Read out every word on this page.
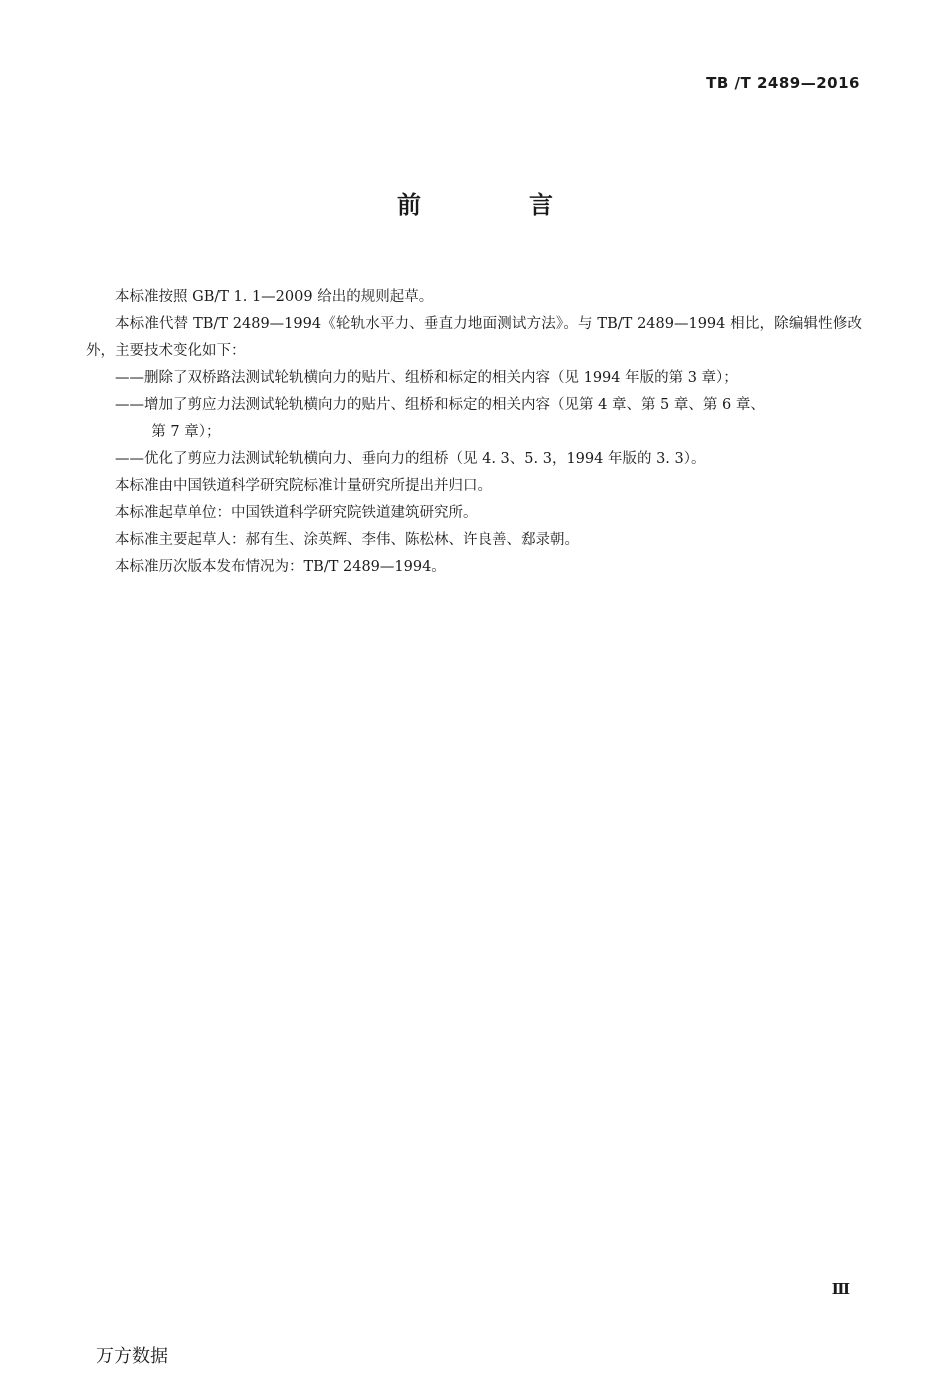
TB /T 2489—2016
前　言

本标准按照 GB/T 1. 1—2009 给出的规则起草。

本标准代替 TB/T 2489—1994《轮轨水平力、垂直力地面测试方法》。与 TB/T 2489—1994 相比，除编辑性修改外，主要技术变化如下：

——删除了双桥路法测试轮轨横向力的贴片、组桥和标定的相关内容（见 1994 年版的第 3 章）；

——增加了剪应力法测试轮轨横向力的贴片、组桥和标定的相关内容（见第 4 章、第 5 章、第 6 章、
第 7 章）；

——优化了剪应力法测试轮轨横向力、垂向力的组桥（见 4. 3、5. 3，1994 年版的 3. 3）。

本标准由中国铁道科学研究院标准计量研究所提出并归口。

本标准起草单位：中国铁道科学研究院铁道建筑研究所。

本标准主要起草人：郝有生、涂英辉、李伟、陈松林、许良善、郄录朝。

本标准历次版本发布情况为：TB/T 2489—1994。

Ⅲ
万方数据
